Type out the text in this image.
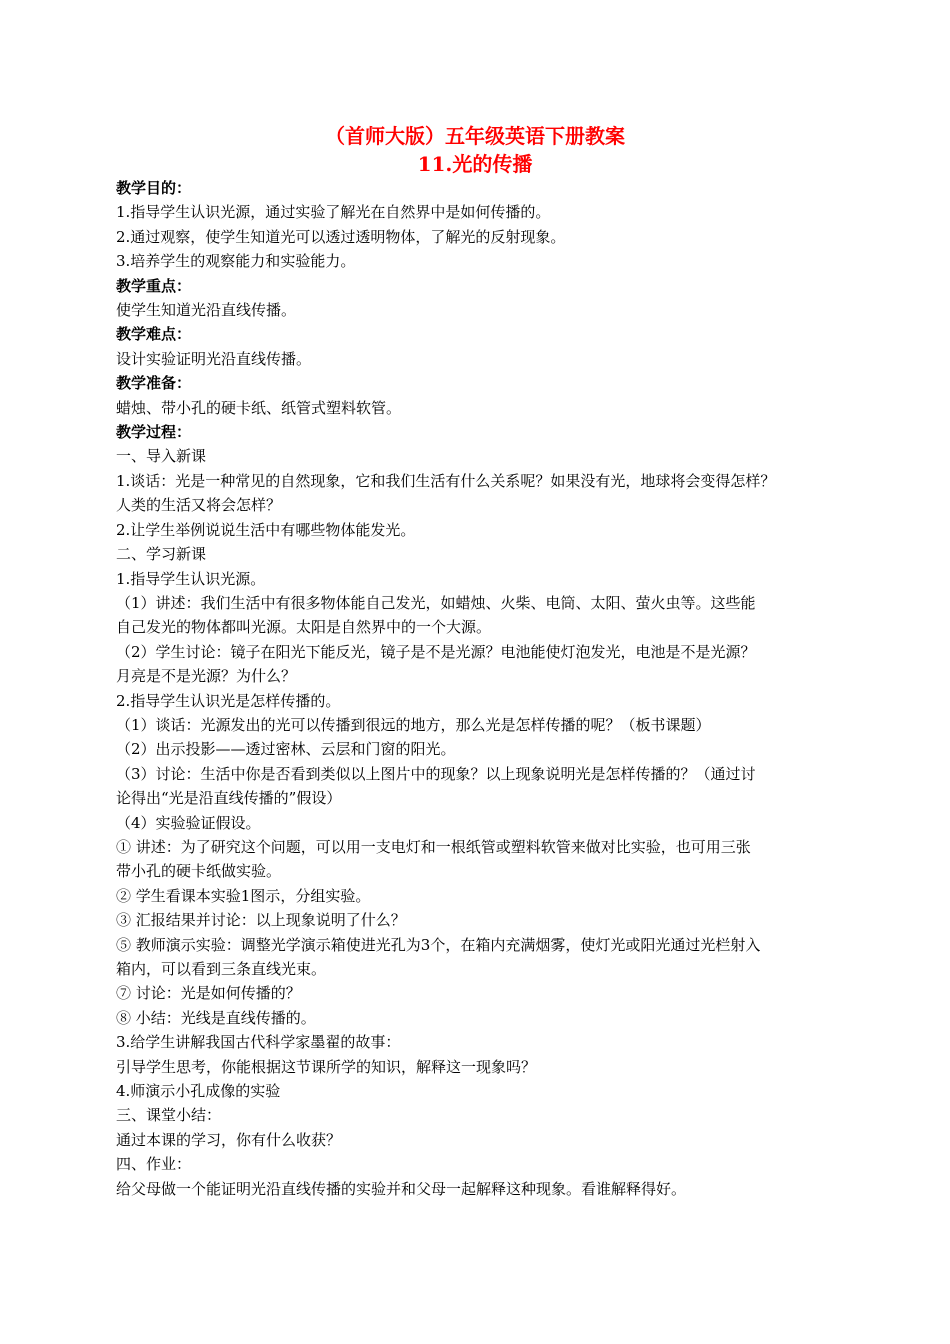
（首师大版）五年级英语下册教案
11.光的传播
教学目的：
1.指导学生认识光源，通过实验了解光在自然界中是如何传播的。
2.通过观察，使学生知道光可以透过透明物体，了解光的反射现象。
3.培养学生的观察能力和实验能力。
教学重点：
使学生知道光沿直线传播。
教学难点：
设计实验证明光沿直线传播。
教学准备：
蜡烛、带小孔的硬卡纸、纸管式塑料软管。
教学过程：
一、导入新课
1.谈话：光是一种常见的自然现象，它和我们生活有什么关系呢？如果没有光，地球将会变得怎样？
人类的生活又将会怎样？
2.让学生举例说说生活中有哪些物体能发光。
二、学习新课
1.指导学生认识光源。
（1）讲述：我们生活中有很多物体能自己发光，如蜡烛、火柴、电筒、太阳、萤火虫等。这些能
自己发光的物体都叫光源。太阳是自然界中的一个大源。
（2）学生讨论：镜子在阳光下能反光，镜子是不是光源？电池能使灯泡发光，电池是不是光源？
月亮是不是光源？为什么？
2.指导学生认识光是怎样传播的。
（1）谈话：光源发出的光可以传播到很远的地方，那么光是怎样传播的呢？（板书课题）
（2）出示投影——透过密林、云层和门窗的阳光。
（3）讨论：生活中你是否看到类似以上图片中的现象？以上现象说明光是怎样传播的？（通过讨
论得出“光是沿直线传播的”假设）
（4）实验验证假设。
① 讲述：为了研究这个问题，可以用一支电灯和一根纸管或塑料软管来做对比实验，也可用三张
带小孔的硬卡纸做实验。
② 学生看课本实验1图示，分组实验。
③ 汇报结果并讨论：以上现象说明了什么？
⑤ 教师演示实验：调整光学演示箱使进光孔为3个，在箱内充满烟雾，使灯光或阳光通过光栏射入
箱内，可以看到三条直线光束。
⑦ 讨论：光是如何传播的？
⑧ 小结：光线是直线传播的。
3.给学生讲解我国古代科学家墨翟的故事：
引导学生思考，你能根据这节课所学的知识，解释这一现象吗？
4.师演示小孔成像的实验
三、课堂小结：
通过本课的学习，你有什么收获？
四、作业：
给父母做一个能证明光沿直线传播的实验并和父母一起解释这种现象。看谁解释得好。
